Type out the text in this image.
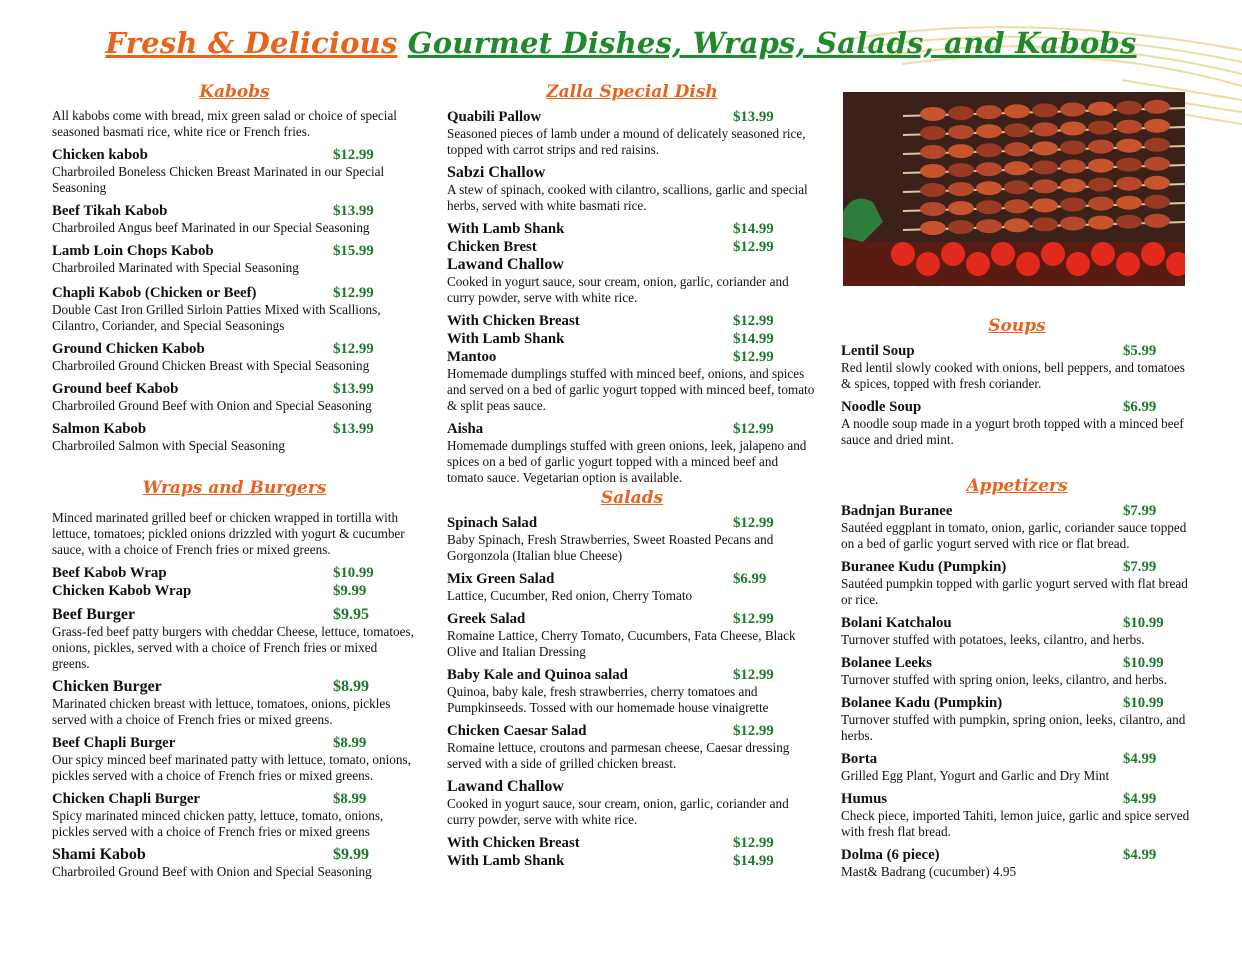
Fresh & Delicious Gourmet Dishes, Wraps, Salads, and Kabobs
Kabobs
All kabobs come with bread, mix green salad or choice of special seasoned basmati rice, white rice or French fries.
Chicken kabob	$12.99
Charbroiled Boneless Chicken Breast Marinated in our Special Seasoning
Beef Tikah Kabob	$13.99
Charbroiled Angus beef Marinated in our Special Seasoning
Lamb Loin Chops Kabob	$15.99
Charbroiled Marinated with Special Seasoning
Chapli Kabob (Chicken or Beef)	$12.99
Double Cast Iron Grilled Sirloin Patties Mixed with Scallions, Cilantro, Coriander, and Special Seasonings
Ground Chicken Kabob	$12.99
Charbroiled Ground Chicken Breast with Special Seasoning
Ground beef Kabob	$13.99
Charbroiled Ground Beef with Onion and Special Seasoning
Salmon Kabob	$13.99
Charbroiled Salmon with Special Seasoning
Wraps and Burgers
Minced marinated grilled beef or chicken wrapped in tortilla with lettuce, tomatoes; pickled onions drizzled with yogurt & cucumber sauce, with a choice of French fries or mixed greens.
Beef Kabob Wrap	$10.99
Chicken Kabob Wrap	$9.99
Beef Burger	$9.95
Grass-fed beef patty burgers with cheddar Cheese, lettuce, tomatoes, onions, pickles, served with a choice of French fries or mixed greens.
Chicken Burger	$8.99
Marinated chicken breast with lettuce, tomatoes, onions, pickles served with a choice of French fries or mixed greens.
Beef Chapli Burger	$8.99
Our spicy minced beef marinated patty with lettuce, tomato, onions, pickles served with a choice of French fries or mixed greens.
Chicken Chapli Burger	$8.99
Spicy marinated minced chicken patty, lettuce, tomato, onions, pickles served with a choice of French fries or mixed greens
Shami Kabob	$9.99
Charbroiled Ground Beef with Onion and Special Seasoning
Zalla Special Dish
Quabili Pallow	$13.99
Seasoned pieces of lamb under a mound of delicately seasoned rice, topped with carrot strips and red raisins.
Sabzi Challow
A stew of spinach, cooked with cilantro, scallions, garlic and special herbs, served with white basmati rice.
With Lamb Shank	$14.99
Chicken Brest	$12.99
Lawand Challow
Cooked in yogurt sauce, sour cream, onion, garlic, coriander and curry powder, serve with white rice.
With Chicken Breast	$12.99
With Lamb Shank	$14.99
Mantoo	$12.99
Homemade dumplings stuffed with minced beef, onions, and spices and served on a bed of garlic yogurt topped with minced beef, tomato & split peas sauce.
Aisha	$12.99
Homemade dumplings stuffed with green onions, leek, jalapeno and spices on a bed of garlic yogurt topped with a minced beef and tomato sauce. Vegetarian option is available.
Salads
Spinach Salad	$12.99
Baby Spinach, Fresh Strawberries, Sweet Roasted Pecans and Gorgonzola (Italian blue Cheese)
Mix Green Salad	$6.99
Lattice, Cucumber, Red onion, Cherry Tomato
Greek Salad	$12.99
Romaine Lattice, Cherry Tomato, Cucumbers, Fata Cheese, Black Olive and Italian Dressing
Baby Kale and Quinoa salad	$12.99
Quinoa, baby kale, fresh strawberries, cherry tomatoes and Pumpkinseeds. Tossed with our homemade house vinaigrette
Chicken Caesar Salad	$12.99
Romaine lettuce, croutons and parmesan cheese, Caesar dressing served with a side of grilled chicken breast.
Lawand Challow
Cooked in yogurt sauce, sour cream, onion, garlic, coriander and curry powder, serve with white rice.
With Chicken Breast	$12.99
With Lamb Shank	$14.99
Soups
Lentil Soup	$5.99
Red lentil slowly cooked with onions, bell peppers, and tomatoes & spices, topped with fresh coriander.
Noodle Soup	$6.99
A noodle soup made in a yogurt broth topped with a minced beef sauce and dried mint.
Appetizers
Badnjan Buranee	$7.99
Sautéed eggplant in tomato, onion, garlic, coriander sauce topped on a bed of garlic yogurt served with rice or flat bread.
Buranee Kudu (Pumpkin)	$7.99
Sautéed pumpkin topped with garlic yogurt served with flat bread or rice.
Bolani Katchalou	$10.99
Turnover stuffed with potatoes, leeks, cilantro, and herbs.
Bolanee Leeks	$10.99
Turnover stuffed with spring onion, leeks, cilantro, and herbs.
Bolanee Kadu (Pumpkin)	$10.99
Turnover stuffed with pumpkin, spring onion, leeks, cilantro, and herbs.
Borta	$4.99
Grilled Egg Plant, Yogurt and Garlic and Dry Mint
Humus	$4.99
Check piece, imported Tahiti, lemon juice, garlic and spice served with fresh flat bread.
Dolma (6 piece)	$4.99
Mast& Badrang (cucumber) 4.95
